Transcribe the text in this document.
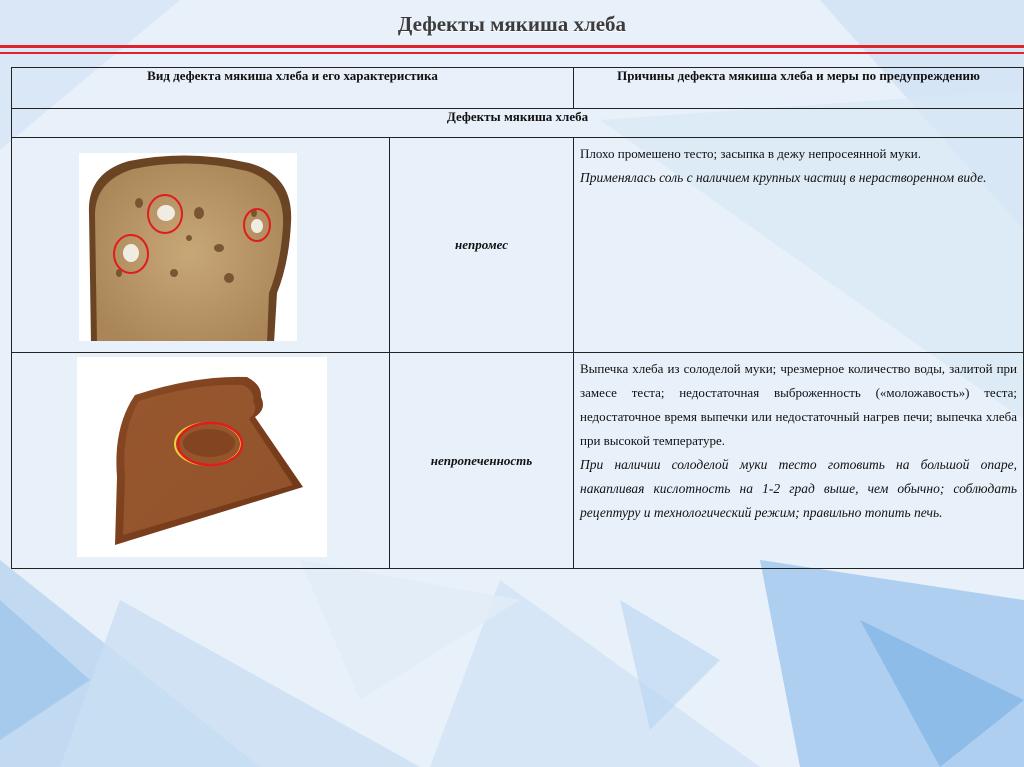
Дефекты мякиша хлеба
Вид дефекта мякиша хлеба и его характеристика		Причины дефекта мякиша хлеба и меры по предупреждению
Дефекты мякиша хлеба		

	непромес	Плохо промешено тесто; засыпка в дежу непросеянной муки.

Применялась соль с наличием крупных частиц в нерастворенном виде.

	непропеченность	Выпечка хлеба из солоделой муки; чрезмерное количество воды, залитой при замесе теста; недостаточная выброженность («моложавость») теста; недостаточное время выпечки или недостаточный нагрев печи; выпечка хлеба при высокой температуре.

При наличии солоделой муки тесто готовить на большой опаре, накапливая кислотность на 1-2 град выше, чем обычно; соблюдать рецептуру и технологический режим; правильно топить печь.
